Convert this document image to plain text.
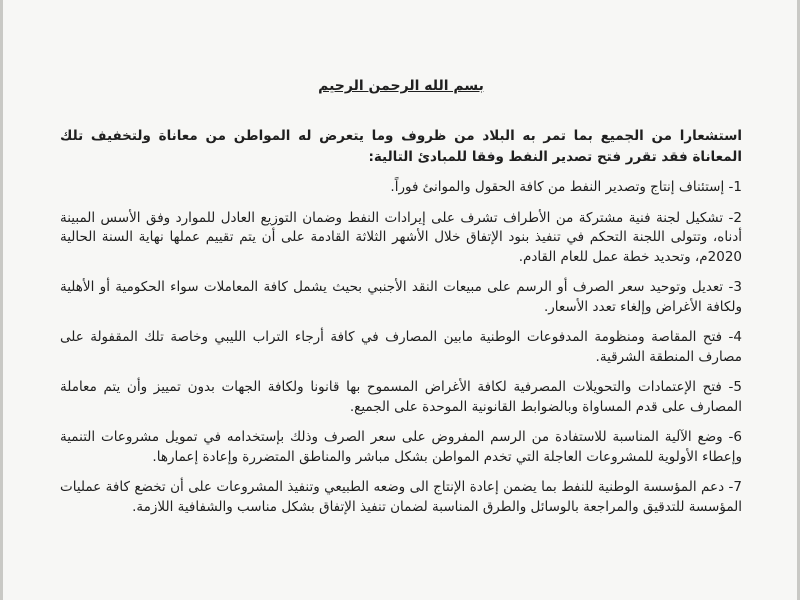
بسم الله الرحمن الرحيم
استشعارا من الجميع بما تمر به البلاد من ظروف وما يتعرض له المواطن من معاناة ولتخفيف تلك المعاناة فقد تقرر فتح تصدير النفط وفقا للمبادئ التالية:
1- إستئناف إنتاج وتصدير النفط من كافة الحقول والموانئ فوراً.
2- تشكيل لجنة فنية مشتركة من الأطراف تشرف على إيرادات النفط وضمان التوزيع العادل للموارد وفق الأسس المبينة أدناه، وتتولى اللجنة التحكم في تنفيذ بنود الإتفاق خلال الأشهر الثلاثة القادمة على أن يتم تقييم عملها نهاية السنة الحالية 2020م، وتحديد خطة عمل للعام القادم.
3- تعديل وتوحيد سعر الصرف أو الرسم على مبيعات النقد الأجنبي بحيث يشمل كافة المعاملات سواء الحكومية أو الأهلية ولكافة الأغراض وإلغاء تعدد الأسعار.
4- فتح المقاصة ومنظومة المدفوعات الوطنية مابين المصارف في كافة أرجاء التراب الليبي وخاصة تلك المقفولة على مصارف المنطقة الشرقية.
5- فتح الإعتمادات والتحويلات المصرفية لكافة الأغراض المسموح بها قانونا ولكافة الجهات بدون تمييز وأن يتم معاملة المصارف على قدم المساواة وبالضوابط القانونية الموحدة على الجميع.
6- وضع الآلية المناسبة للاستفادة من الرسم المفروض على سعر الصرف وذلك بإستخدامه في تمويل مشروعات التنمية وإعطاء الأولوية للمشروعات العاجلة التي تخدم المواطن بشكل مباشر والمناطق المتضررة وإعادة إعمارها.
7- دعم المؤسسة الوطنية للنفط بما يضمن إعادة الإنتاج الى وضعه الطبيعي وتنفيذ المشروعات على أن تخضع كافة عمليات المؤسسة للتدقيق والمراجعة بالوسائل والطرق المناسبة لضمان تنفيذ الإتفاق بشكل مناسب والشفافية اللازمة.
